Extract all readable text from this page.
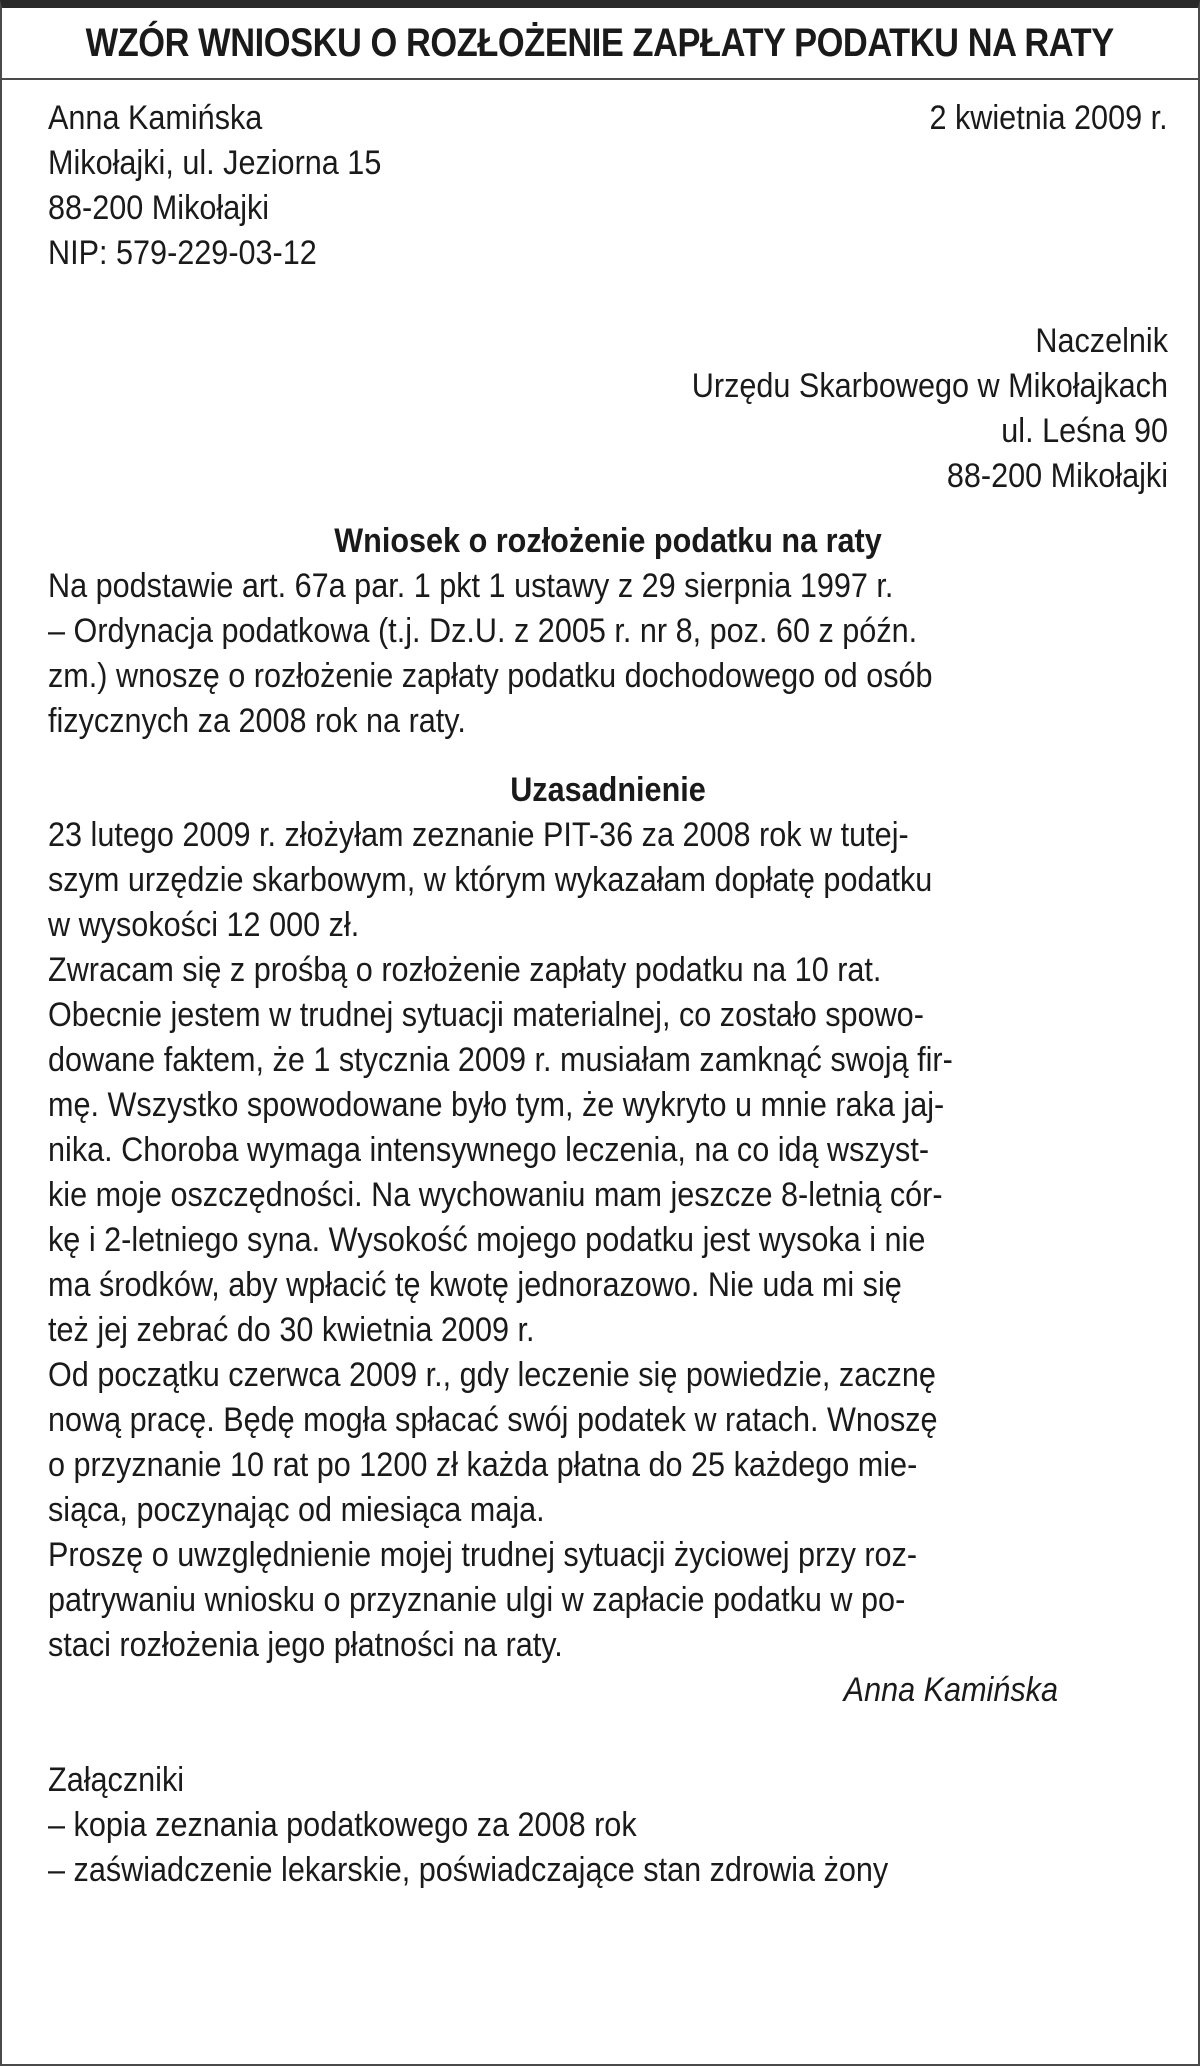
WZÓR WNIOSKU O ROZŁOŻENIE ZAPŁATY PODATKU NA RATY
Anna Kamińska
Mikołajki, ul. Jeziorna 15
88-200 Mikołajki
NIP: 579-229-03-12
2 kwietnia 2009 r.
Naczelnik
Urzędu Skarbowego w Mikołajkach
ul. Leśna 90
88-200 Mikołajki
Wniosek o rozłożenie podatku na raty
Na podstawie art. 67a par. 1 pkt 1 ustawy z 29 sierpnia 1997 r.
– Ordynacja podatkowa (t.j. Dz.U. z 2005 r. nr 8, poz. 60 z późn.
zm.) wnoszę o rozłożenie zapłaty podatku dochodowego od osób
fizycznych za 2008 rok na raty.
Uzasadnienie
23 lutego 2009 r. złożyłam zeznanie PIT-36 za 2008 rok w tutej-
szym urzędzie skarbowym, w którym wykazałam dopłatę podatku
w wysokości 12 000 zł.
Zwracam się z prośbą o rozłożenie zapłaty podatku na 10 rat.
Obecnie jestem w trudnej sytuacji materialnej, co zostało spowo-
dowane faktem, że 1 stycznia 2009 r. musiałam zamknąć swoją fir-
mę. Wszystko spowodowane było tym, że wykryto u mnie raka jaj-
nika. Choroba wymaga intensywnego leczenia, na co idą wszyst-
kie moje oszczędności. Na wychowaniu mam jeszcze 8-letnią cór-
kę i 2-letniego syna. Wysokość mojego podatku jest wysoka i nie
ma środków, aby wpłacić tę kwotę jednorazowo. Nie uda mi się
też jej zebrać do 30 kwietnia 2009 r.
Od początku czerwca 2009 r., gdy leczenie się powiedzie, zacznę
nową pracę. Będę mogła spłacać swój podatek w ratach. Wnoszę
o przyznanie 10 rat po 1200 zł każda płatna do 25 każdego mie-
siąca, poczynając od miesiąca maja.
Proszę o uwzględnienie mojej trudnej sytuacji życiowej przy roz-
patrywaniu wniosku o przyznanie ulgi w zapłacie podatku w po-
staci rozłożenia jego płatności na raty.
Anna Kamińska
Załączniki
– kopia zeznania podatkowego za 2008 rok
– zaświadczenie lekarskie, poświadczające stan zdrowia żony
